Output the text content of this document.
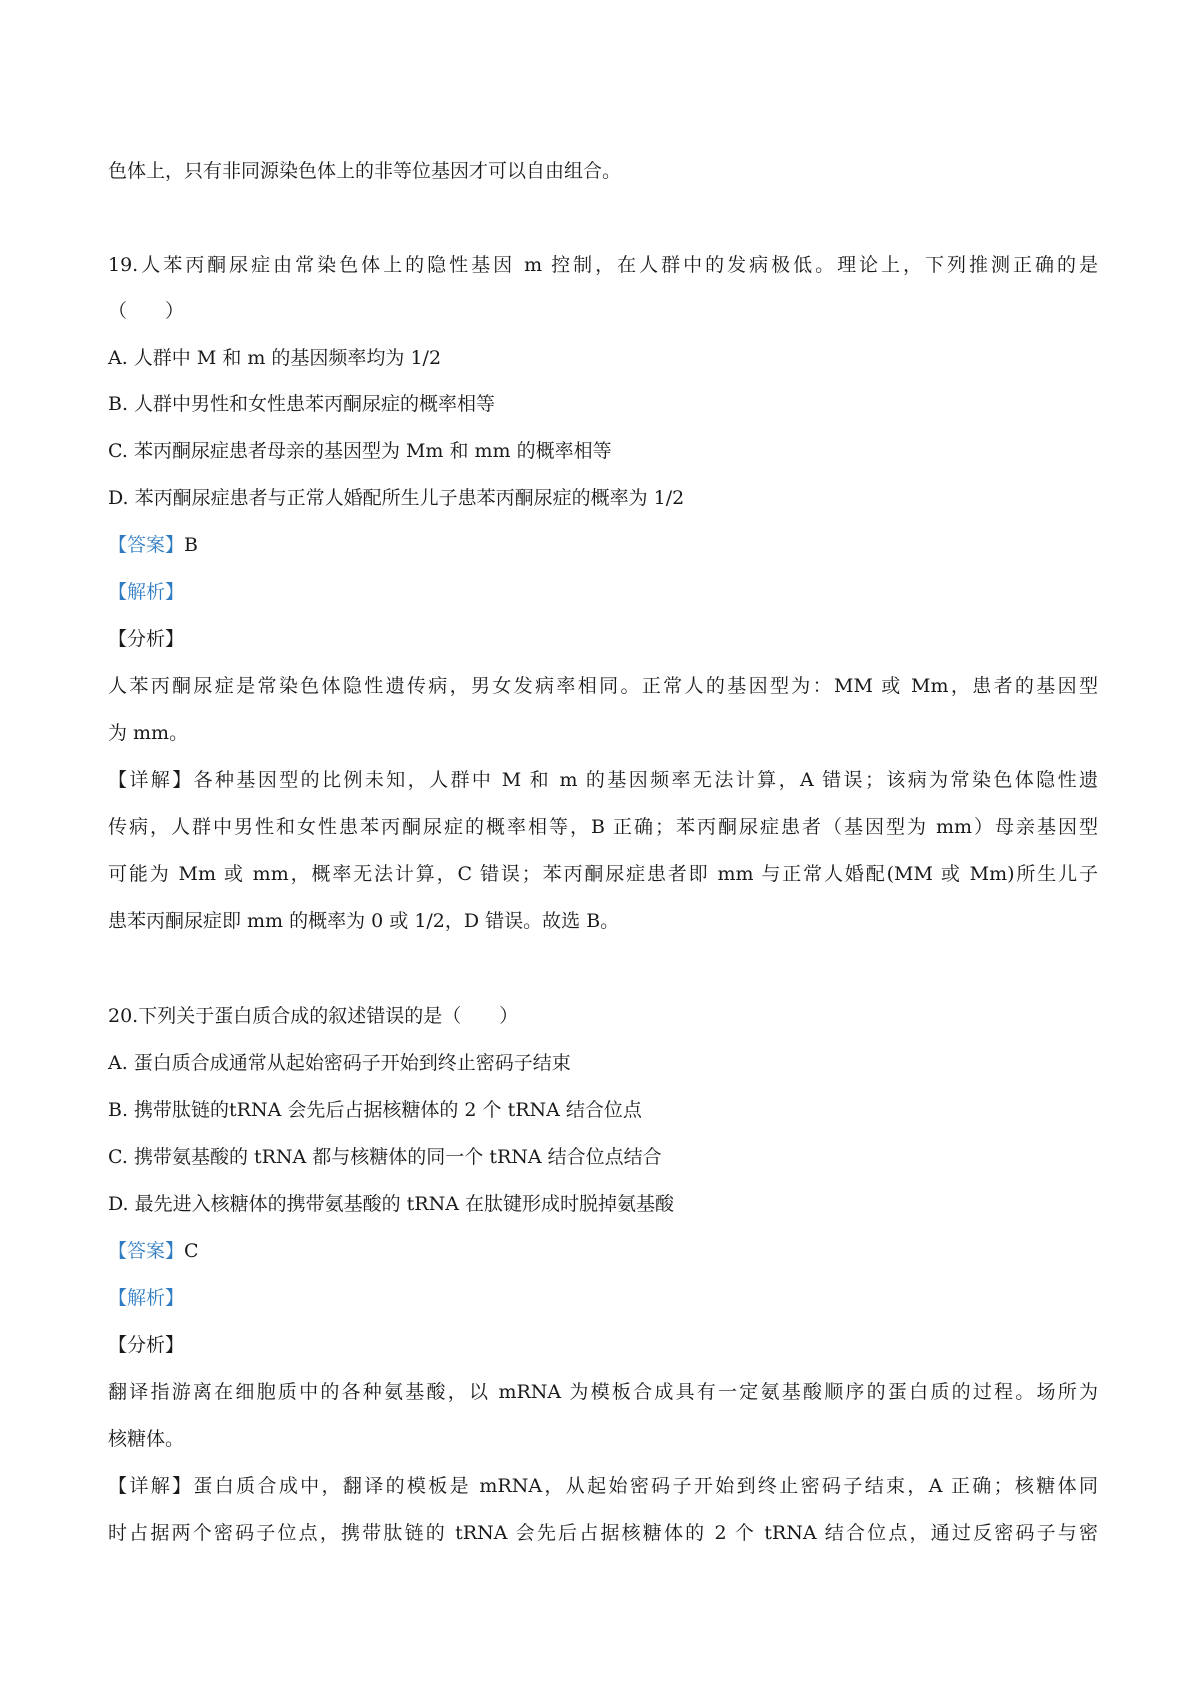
色体上，只有非同源染色体上的非等位基因才可以自由组合。
19.人苯丙酮尿症由常染色体上的隐性基因 m 控制，在人群中的发病极低。理论上，下列推测正确的是
（　　）
A. 人群中 M 和 m 的基因频率均为 1/2
B. 人群中男性和女性患苯丙酮尿症的概率相等
C. 苯丙酮尿症患者母亲的基因型为 Mm 和 mm 的概率相等
D. 苯丙酮尿症患者与正常人婚配所生儿子患苯丙酮尿症的概率为 1/2
【答案】B
【解析】
【分析】
人苯丙酮尿症是常染色体隐性遗传病，男女发病率相同。正常人的基因型为：MM 或 Mm，患者的基因型
为 mm。
【详解】各种基因型的比例未知，人群中 M 和 m 的基因频率无法计算，A 错误；该病为常染色体隐性遗
传病，人群中男性和女性患苯丙酮尿症的概率相等，B 正确；苯丙酮尿症患者（基因型为 mm）母亲基因型
可能为 Mm 或 mm，概率无法计算，C 错误；苯丙酮尿症患者即 mm 与正常人婚配(MM 或 Mm)所生儿子
患苯丙酮尿症即 mm 的概率为 0 或 1/2，D 错误。故选 B。
20.下列关于蛋白质合成的叙述错误的是（　　）
A. 蛋白质合成通常从起始密码子开始到终止密码子结束
B. 携带肽链的tRNA 会先后占据核糖体的 2 个 tRNA 结合位点
C. 携带氨基酸的 tRNA 都与核糖体的同一个 tRNA 结合位点结合
D. 最先进入核糖体的携带氨基酸的 tRNA 在肽键形成时脱掉氨基酸
【答案】C
【解析】
【分析】
翻译指游离在细胞质中的各种氨基酸，以 mRNA 为模板合成具有一定氨基酸顺序的蛋白质的过程。场所为
核糖体。
【详解】蛋白质合成中，翻译的模板是 mRNA，从起始密码子开始到终止密码子结束，A 正确；核糖体同
时占据两个密码子位点，携带肽链的 tRNA 会先后占据核糖体的 2 个 tRNA 结合位点，通过反密码子与密
